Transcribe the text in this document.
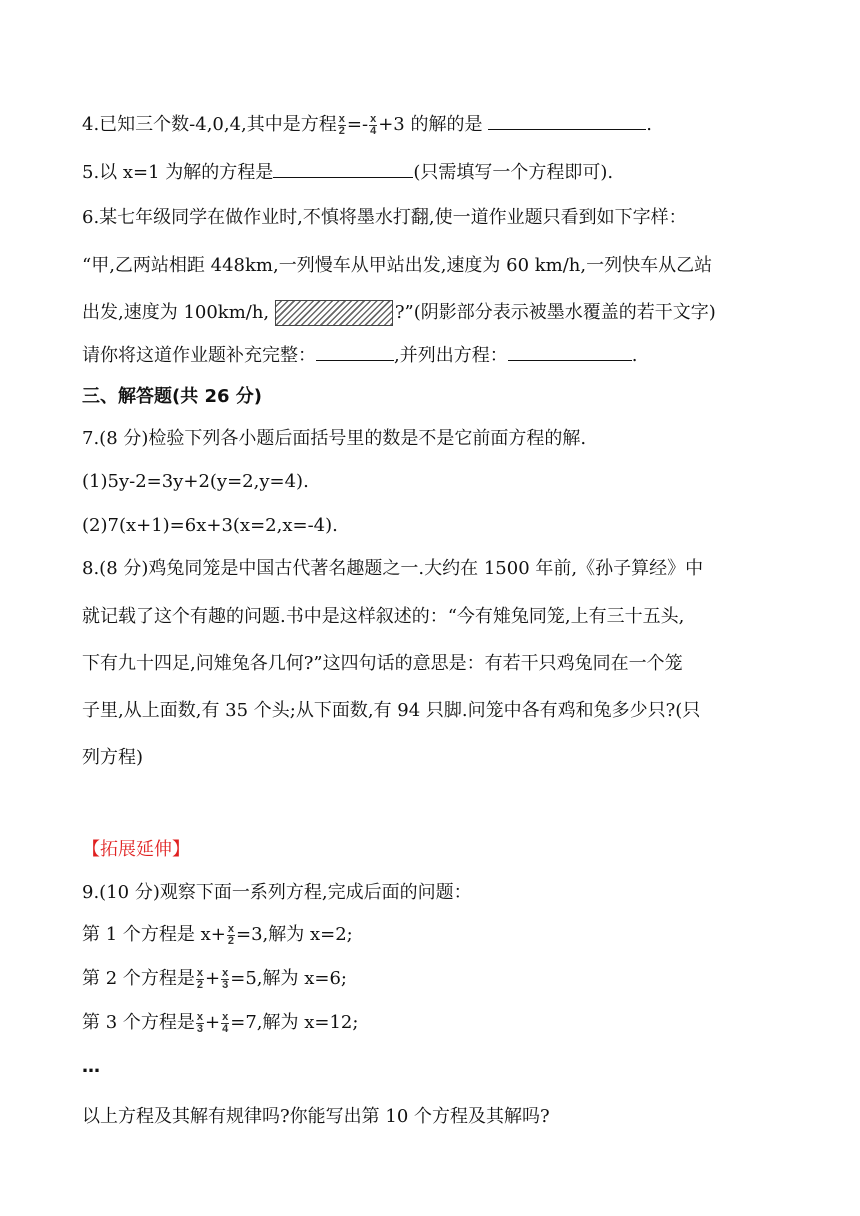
4.已知三个数-4,0,4,其中是方程 $\frac{x}{2} =- \frac{x}{4} +3$ 的解的是	.
5.以 x=1 为解的方程是	(只需填写一个方程即可).
6.某七年级同学在做作业时,不慎将墨水打翻,使一道作业题只看到如下字样：
“甲,乙两站相距 448km,一列慢车从甲站出发,速度为 60 km/h,一列快车从乙站
出发,速度为 100km/h,	?”(阴影部分表示被墨水覆盖的若干文字)
请你将这道作业题补充完整：	,并列出方程：	.
三、解答题(共 26 分)
7.(8 分)检验下列各小题后面括号里的数是不是它前面方程的解.
(1)5y-2=3y+2(y=2,y=4).
(2)7(x+1)=6x+3(x=2,x=-4).
8.(8 分)鸡兔同笼是中国古代著名趣题之一.大约在 1500 年前,《孙子算经》中
就记载了这个有趣的问题.书中是这样叙述的：“今有雉兔同笼,上有三十五头,
下有九十四足,问雉兔各几何?”这四句话的意思是：有若干只鸡兔同在一个笼
子里,从上面数,有 35 个头;从下面数,有 94 只脚.问笼中各有鸡和兔多少只?(只
列方程)
【拓展延伸】
9.(10 分)观察下面一系列方程,完成后面的问题：
第 1 个方程是 $x+ \frac{x}{2} =3$,解为 x=2;
第 2 个方程是 $\frac{x}{2} + \frac{x}{3} =5$,解为 x=6;
第 3 个方程是 $\frac{x}{3} + \frac{x}{4} =7$,解为 x=12;
…
以上方程及其解有规律吗?你能写出第 10 个方程及其解吗?
